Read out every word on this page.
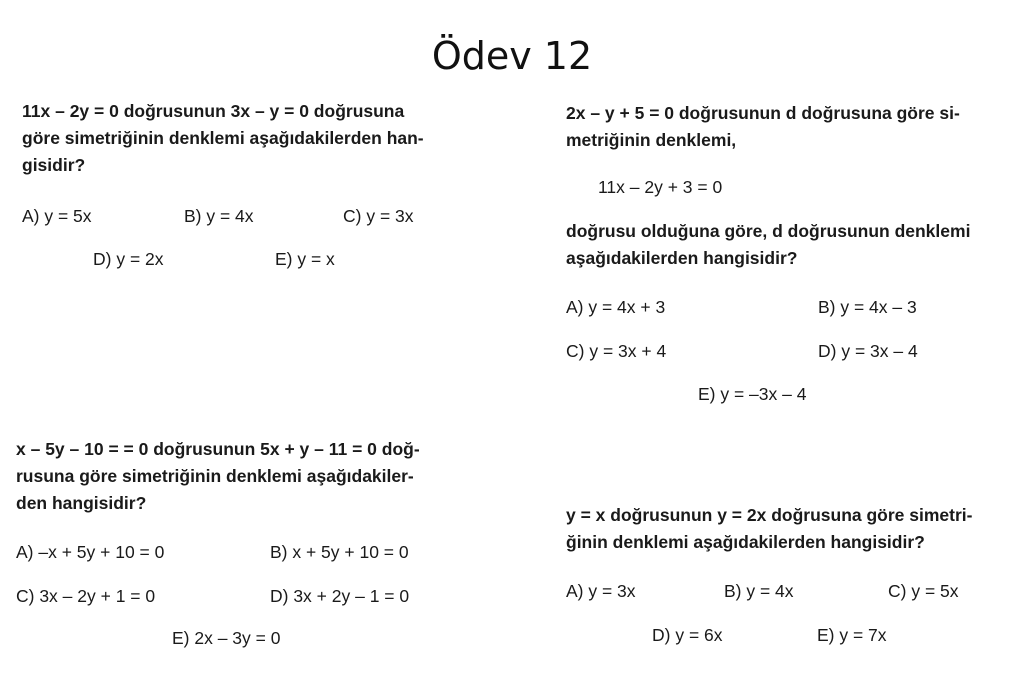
Ödev 12
11x – 2y = 0 doğrusunun 3x – y = 0 doğrusuna
göre simetriğinin denklemi aşağıdakilerden han-
gisidir?
A) y = 5x	B) y = 4x	C) y = 3x
D) y = 2x	E) y = x
2x – y + 5 = 0 doğrusunun d doğrusuna göre si-
metriğinin denklemi,
11x – 2y + 3 = 0
doğrusu olduğuna göre, d doğrusunun denklemi
aşağıdakilerden hangisidir?
A) y = 4x + 3	B) y = 4x – 3
C) y = 3x + 4	D) y = 3x – 4
E) y = –3x – 4
x – 5y – 10 = = 0 doğrusunun 5x + y – 11 = 0 doğ-
rusuna göre simetriğinin denklemi aşağıdakiler-
den hangisidir?
A) –x + 5y + 10 = 0	B) x + 5y + 10 = 0
C) 3x – 2y + 1 = 0	D) 3x + 2y – 1 = 0
E) 2x – 3y = 0
y = x doğrusunun y = 2x doğrusuna göre simetri-
ğinin denklemi aşağıdakilerden hangisidir?
A) y = 3x	B) y = 4x	C) y = 5x
D) y = 6x	E) y = 7x
